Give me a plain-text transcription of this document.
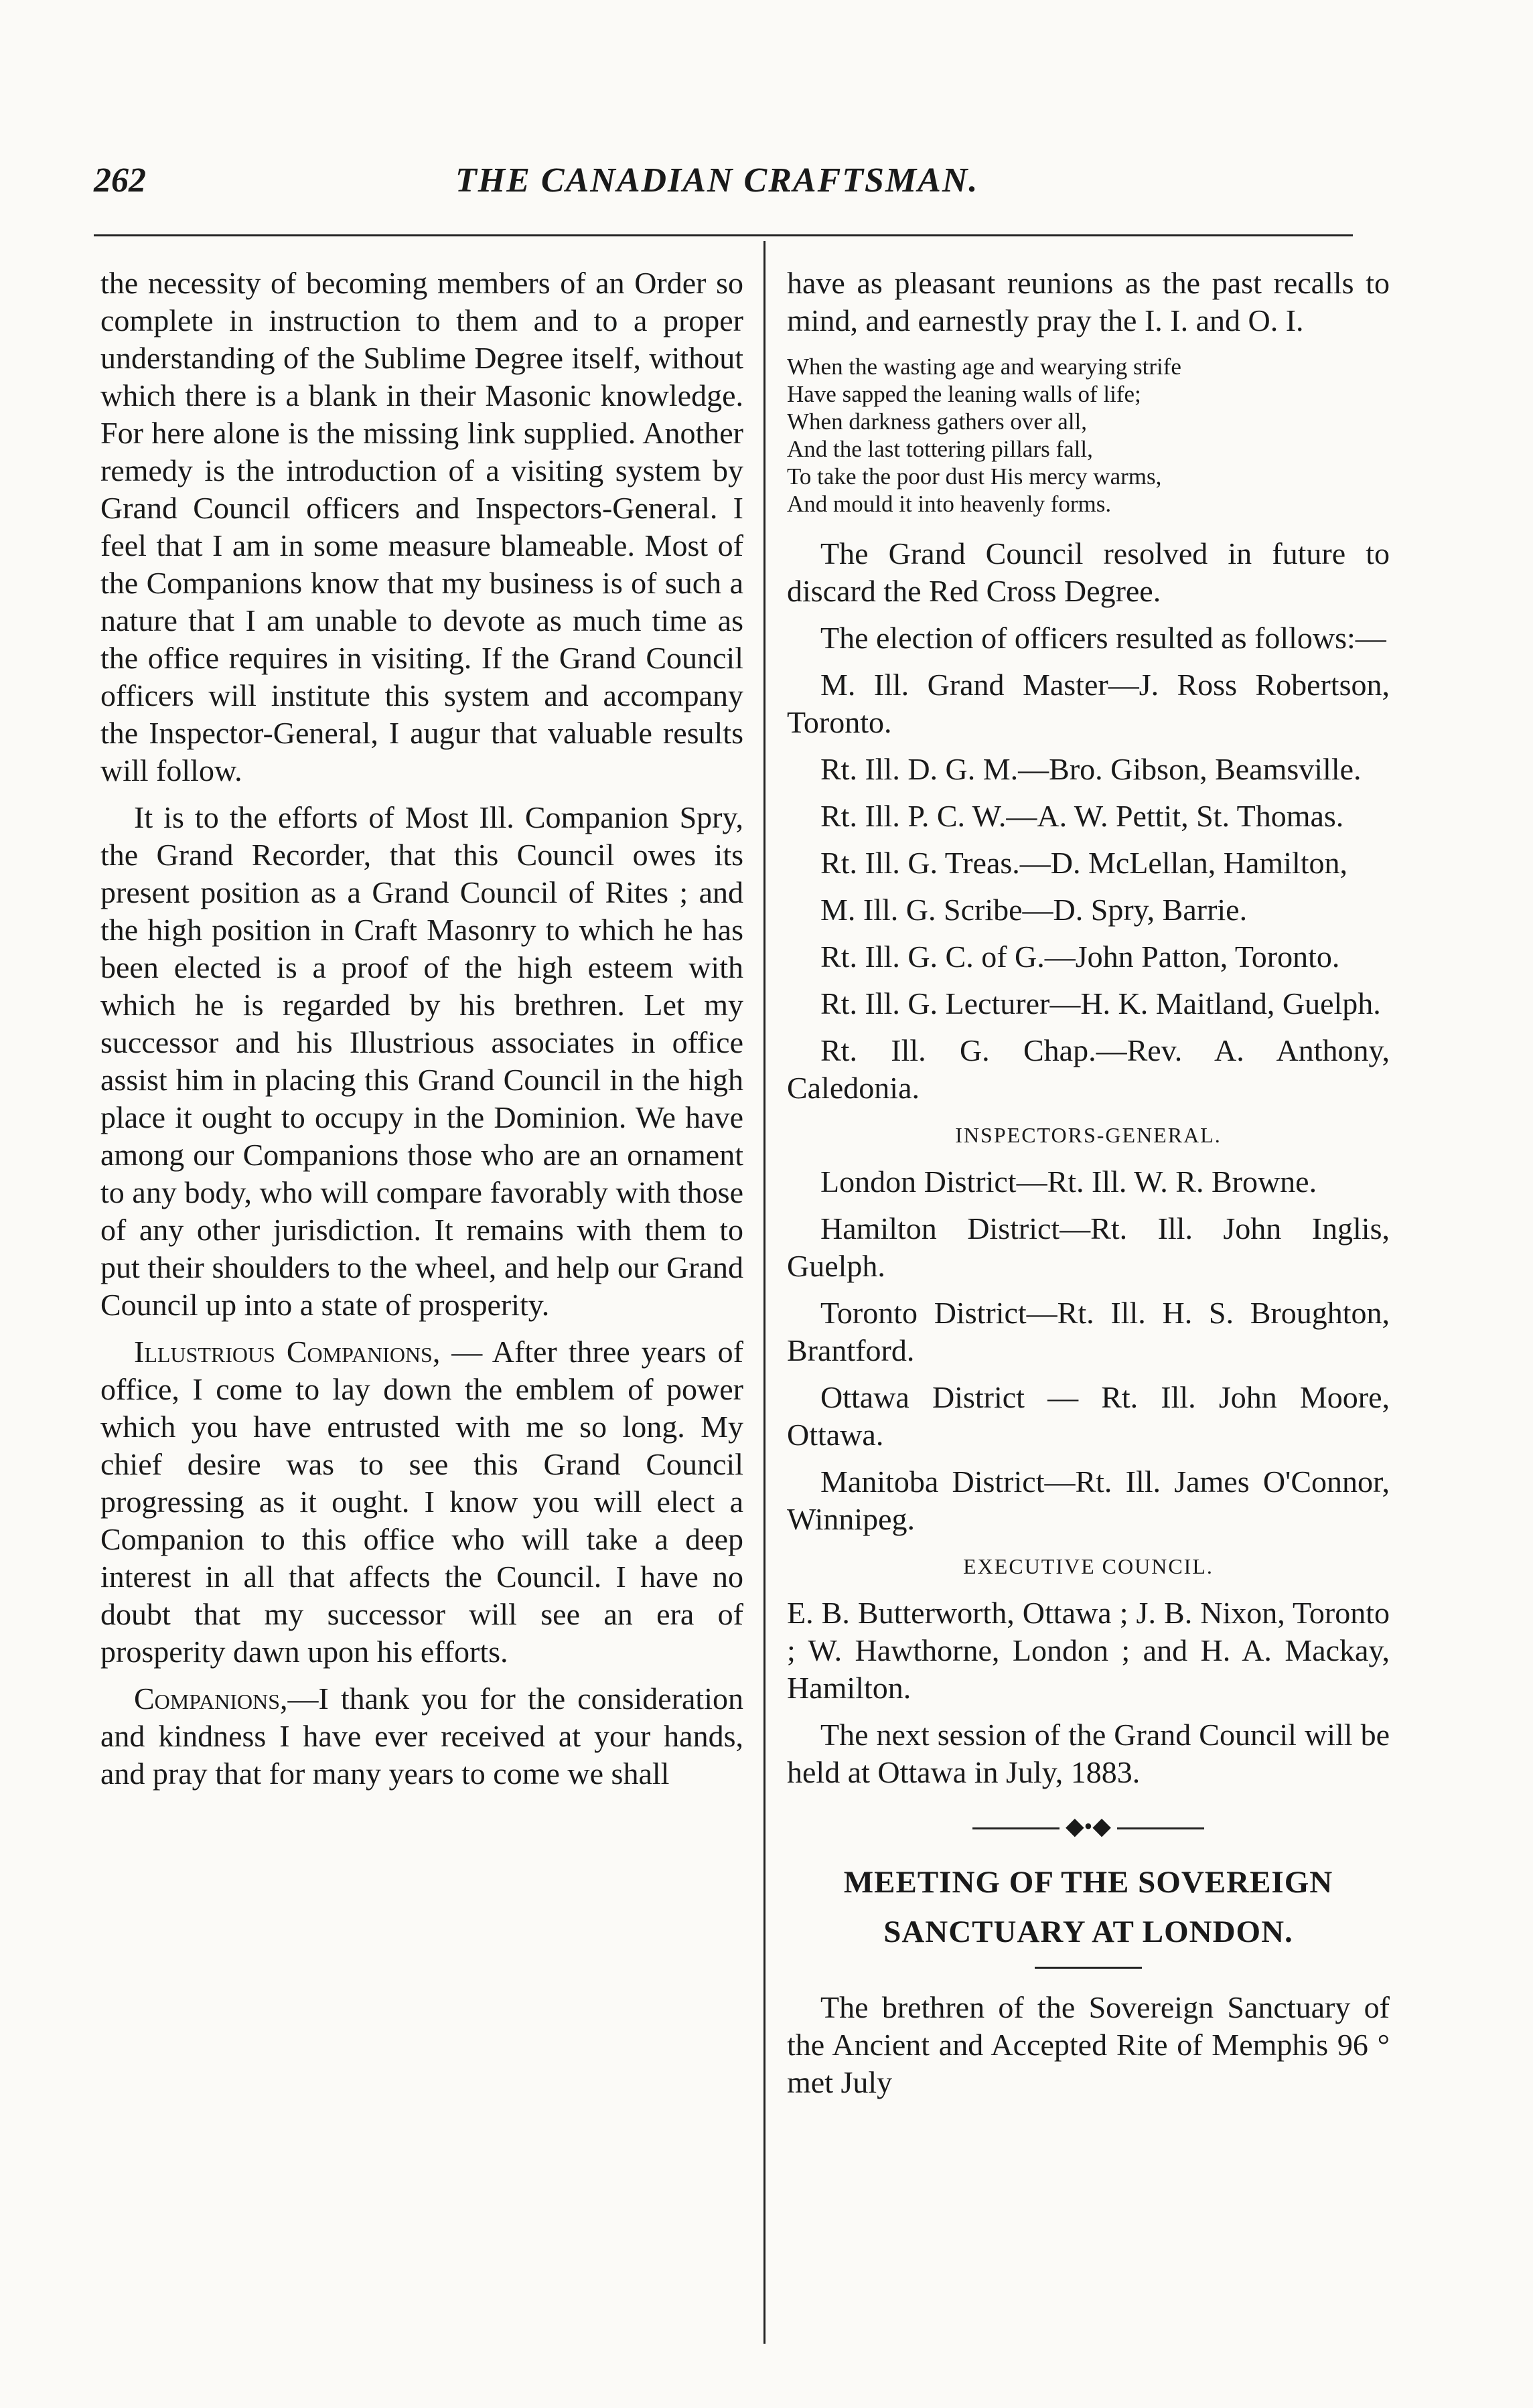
262	THE CANADIAN CRAFTSMAN.

the necessity of becoming members of an Order so complete in instruction to them and to a proper understanding of the Sublime Degree itself, without which there is a blank in their Masonic knowledge. For here alone is the missing link supplied. Another remedy is the introduction of a visiting system by Grand Council officers and Inspectors-General. I feel that I am in some measure blameable. Most of the Companions know that my business is of such a nature that I am unable to devote as much time as the office requires in visiting. If the Grand Council officers will institute this system and accompany the Inspector-General, I augur that valuable results will follow.

It is to the efforts of Most Ill. Companion Spry, the Grand Recorder, that this Council owes its present position as a Grand Council of Rites ; and the high position in Craft Masonry to which he has been elected is a proof of the high esteem with which he is regarded by his brethren. Let my successor and his Illustrious associates in office assist him in placing this Grand Council in the high place it ought to occupy in the Dominion. We have among our Companions those who are an ornament to any body, who will compare favorably with those of any other jurisdiction. It remains with them to put their shoulders to the wheel, and help our Grand Council up into a state of prosperity.

Illustrious Companions, — After three years of office, I come to lay down the emblem of power which you have entrusted with me so long. My chief desire was to see this Grand Council progressing as it ought. I know you will elect a Companion to this office who will take a deep interest in all that affects the Council. I have no doubt that my successor will see an era of prosperity dawn upon his efforts.

Companions,—I thank you for the consideration and kindness I have ever received at your hands, and pray that for many years to come we shall

have as pleasant reunions as the past recalls to mind, and earnestly pray the I. I. and O. I.

When the wasting age and wearying strife
Have sapped the leaning walls of life;
When darkness gathers over all,
And the last tottering pillars fall,
To take the poor dust His mercy warms,
And mould it into heavenly forms.

The Grand Council resolved in future to discard the Red Cross Degree.

The election of officers resulted as follows:—

M. Ill. Grand Master—J. Ross Robertson, Toronto.

Rt. Ill. D. G. M.—Bro. Gibson, Beamsville.

Rt. Ill. P. C. W.—A. W. Pettit, St. Thomas.

Rt. Ill. G. Treas.—D. McLellan, Hamilton,

M. Ill. G. Scribe—D. Spry, Barrie.

Rt. Ill. G. C. of G.—John Patton, Toronto.

Rt. Ill. G. Lecturer—H. K. Maitland, Guelph.

Rt. Ill. G. Chap.—Rev. A. Anthony, Caledonia.

INSPECTORS-GENERAL.

London District—Rt. Ill. W. R. Browne.

Hamilton District—Rt. Ill. John Inglis, Guelph.

Toronto District—Rt. Ill. H. S. Broughton, Brantford.

Ottawa District — Rt. Ill. John Moore, Ottawa.

Manitoba District—Rt. Ill. James O'Connor, Winnipeg.

EXECUTIVE COUNCIL.

E. B. Butterworth, Ottawa ; J. B. Nixon, Toronto ; W. Hawthorne, London ; and H. A. Mackay, Hamilton.

The next session of the Grand Council will be held at Ottawa in July, 1883.

◆•◆

MEETING OF THE SOVEREIGN

SANCTUARY AT LONDON.

The brethren of the Sovereign Sanctuary of the Ancient and Accepted Rite of Memphis 96 ° met July
